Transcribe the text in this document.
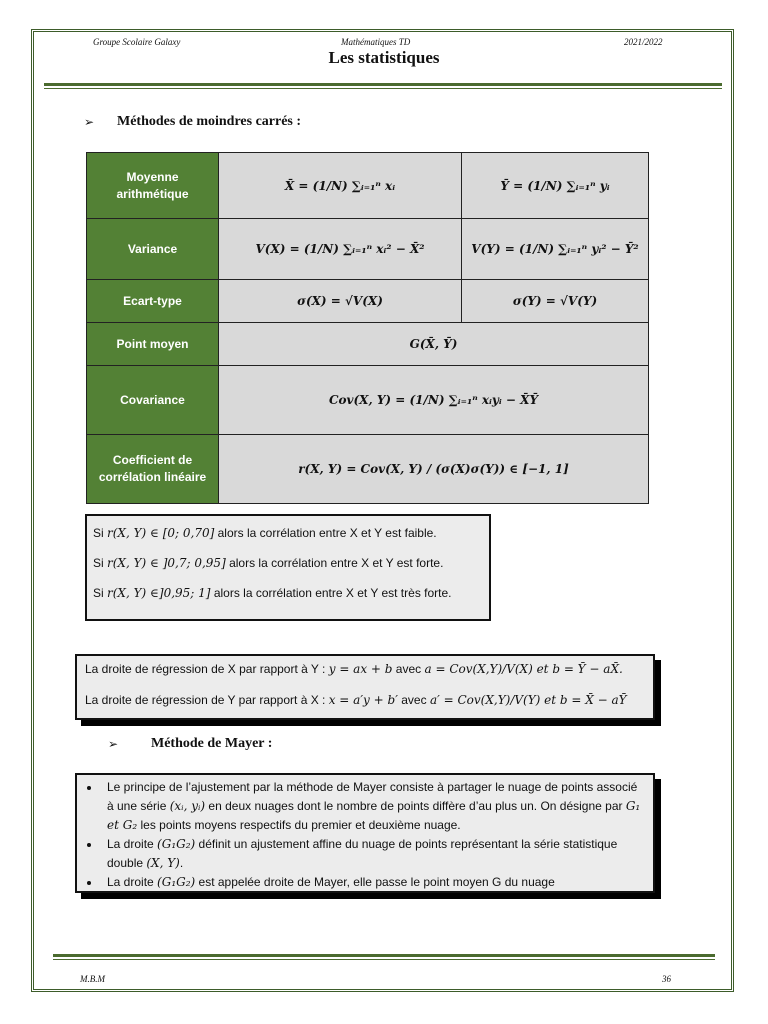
Groupe Scolaire Galaxy	Mathématiques TD	2021/2022
Les statistiques
➢ Méthodes de moindres carrés :
Moyenne arithmétique	X̄ = (1/N) ∑ᵢ₌₁ⁿ xᵢ	Ȳ = (1/N) ∑ᵢ₌₁ⁿ yᵢ
Variance	V(X) = (1/N) ∑ᵢ₌₁ⁿ xᵢ² − X̄²	V(Y) = (1/N) ∑ᵢ₌₁ⁿ yᵢ² − Ȳ²
Ecart-type	σ(X) = √V(X)	σ(Y) = √V(Y)
Point moyen	G(X̄, Ȳ)	
Covariance	Cov(X, Y) = (1/N) ∑ᵢ₌₁ⁿ xᵢyᵢ − X̄Ȳ	
Coefficient de corrélation linéaire	r(X, Y) = Cov(X, Y) / (σ(X)σ(Y)) ∈ [−1, 1]	

Si r(X, Y) ∈ [0; 0,70] alors la corrélation entre X et Y est faible.

Si r(X, Y) ∈ ]0,7; 0,95] alors la corrélation entre X et Y est forte.

Si r(X, Y) ∈]0,95; 1] alors la corrélation entre X et Y est très forte.

La droite de régression de X par rapport à Y : y = ax + b avec a = Cov(X,Y)/V(X) et b = Ȳ − aX̄.

La droite de régression de Y par rapport à X : x = a′y + b′ avec a′ = Cov(X,Y)/V(Y) et b = X̄ − aȲ

➢ Méthode de Mayer :
• Le principe de l’ajustement par la méthode de Mayer consiste à partager le nuage de points associé à une série (xᵢ, yᵢ) en deux nuages dont le nombre de points diffère d’au plus un. On désigne par G₁ et G₂ les points moyens respectifs du premier et deuxième nuage.
• La droite (G₁G₂) définit un ajustement affine du nuage de points représentant la série statistique double (X, Y).
• La droite (G₁G₂) est appelée droite de Mayer, elle passe le point moyen G du nuage
M.B.M	36
